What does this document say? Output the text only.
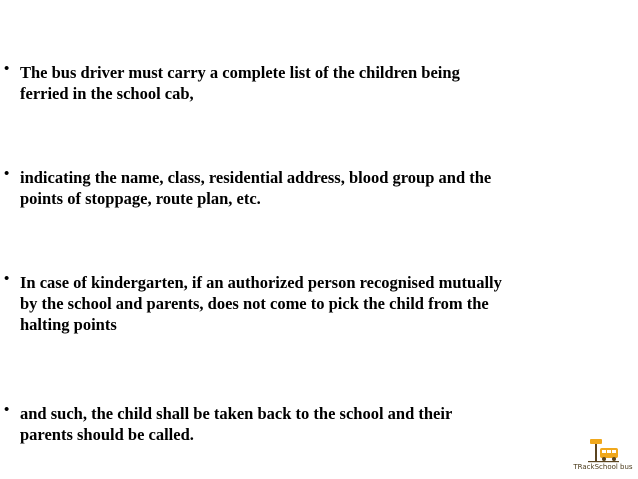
• The bus driver must carry a complete list of the children being
ferried in the school cab,
• indicating the name, class, residential address, blood group and the
points of stoppage, route plan, etc.
• In case of kindergarten, if an authorized person recognised mutually
by the school and parents, does not come to pick the child from the
halting points
• and such, the child shall be taken back to the school and their
parents should be called.
TRackSchool bus
